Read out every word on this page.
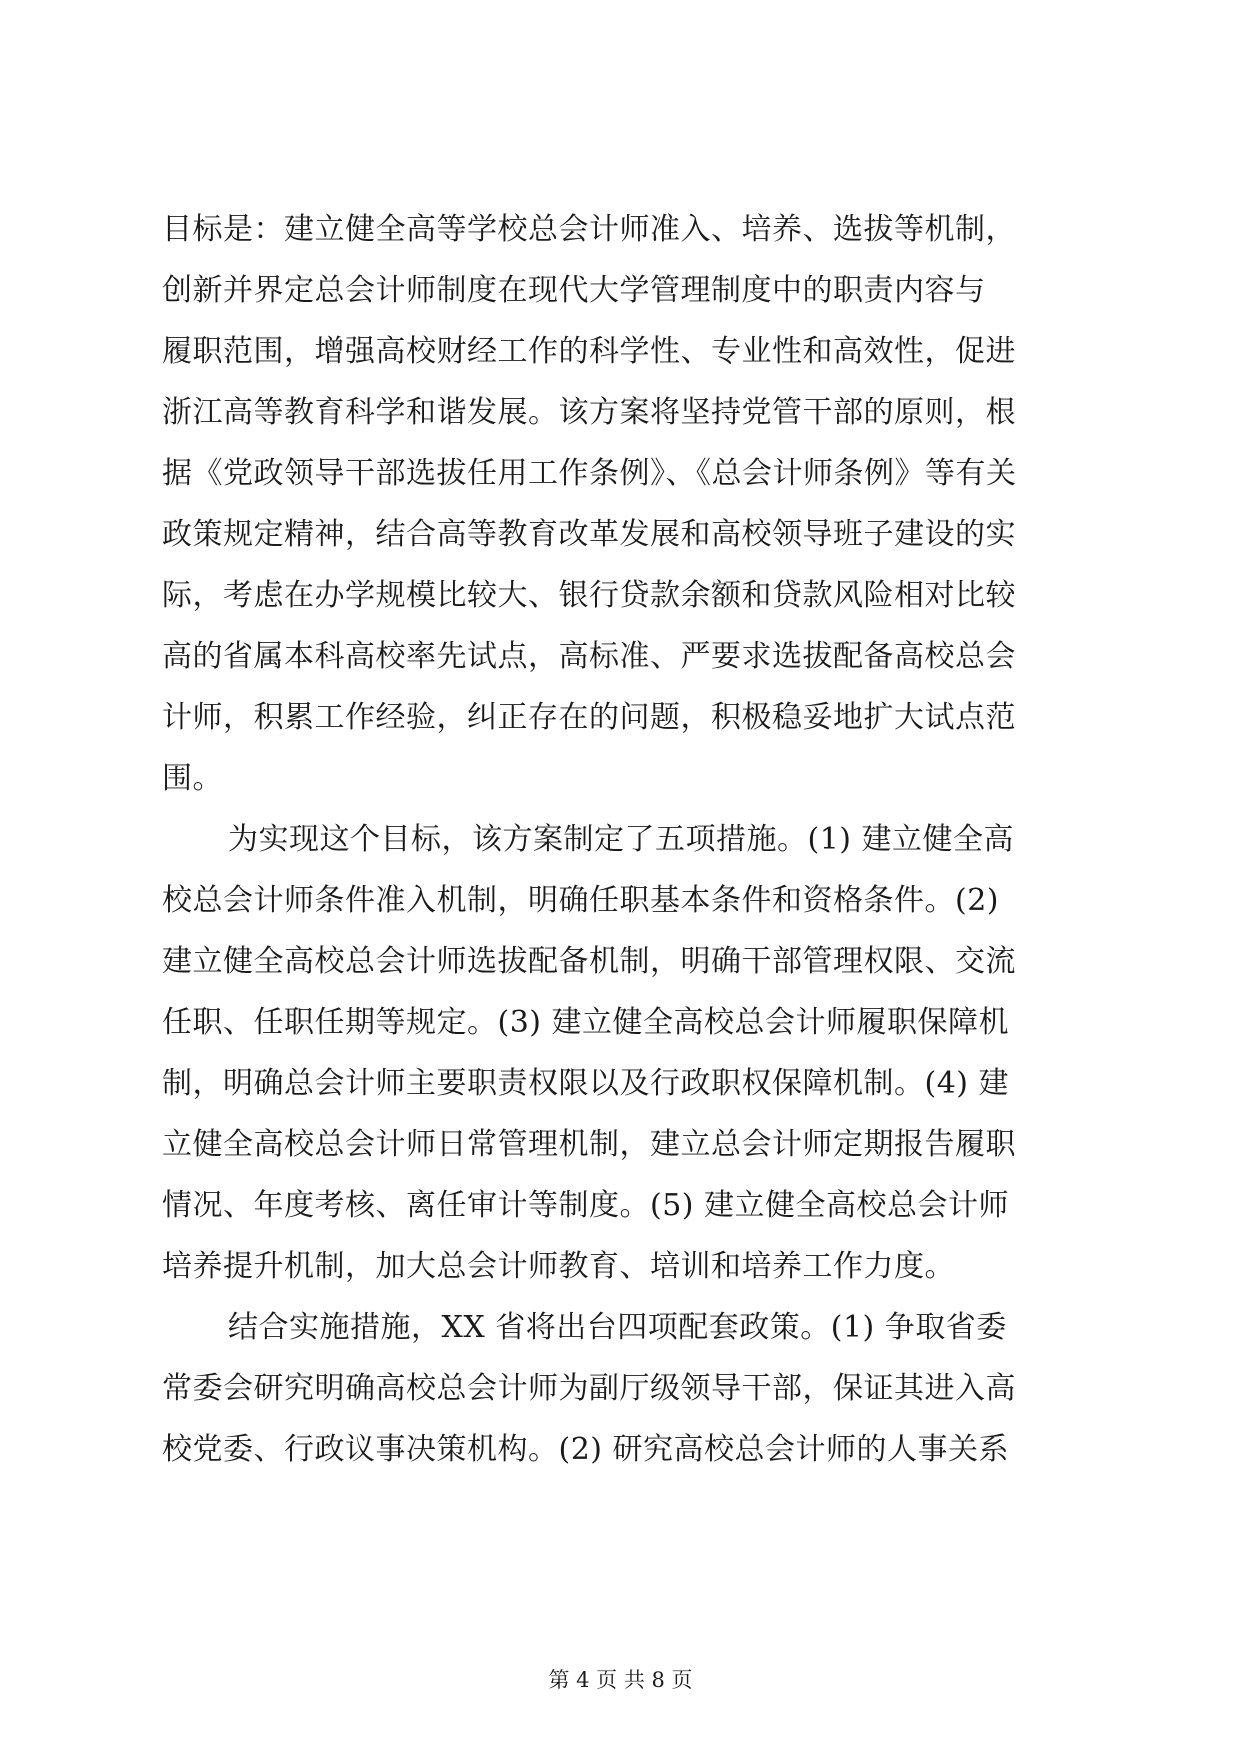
目标是：建立健全高等学校总会计师准入、培养、选拔等机制，
创新并界定总会计师制度在现代大学管理制度中的职责内容与
履职范围，增强高校财经工作的科学性、专业性和高效性，促进
浙江高等教育科学和谐发展。该方案将坚持党管干部的原则，根
据《党政领导干部选拔任用工作条例》、《总会计师条例》等有关
政策规定精神，结合高等教育改革发展和高校领导班子建设的实
际，考虑在办学规模比较大、银行贷款余额和贷款风险相对比较
高的省属本科高校率先试点，高标准、严要求选拔配备高校总会
计师，积累工作经验，纠正存在的问题，积极稳妥地扩大试点范
围。
为实现这个目标，该方案制定了五项措施。(1) 建立健全高
校总会计师条件准入机制，明确任职基本条件和资格条件。(2)
建立健全高校总会计师选拔配备机制，明确干部管理权限、交流
任职、任职任期等规定。(3) 建立健全高校总会计师履职保障机
制，明确总会计师主要职责权限以及行政职权保障机制。(4) 建
立健全高校总会计师日常管理机制，建立总会计师定期报告履职
情况、年度考核、离任审计等制度。(5) 建立健全高校总会计师
培养提升机制，加大总会计师教育、培训和培养工作力度。
结合实施措施，XX 省将出台四项配套政策。(1) 争取省委
常委会研究明确高校总会计师为副厅级领导干部，保证其进入高
校党委、行政议事决策机构。(2) 研究高校总会计师的人事关系
第 4 页 共 8 页
